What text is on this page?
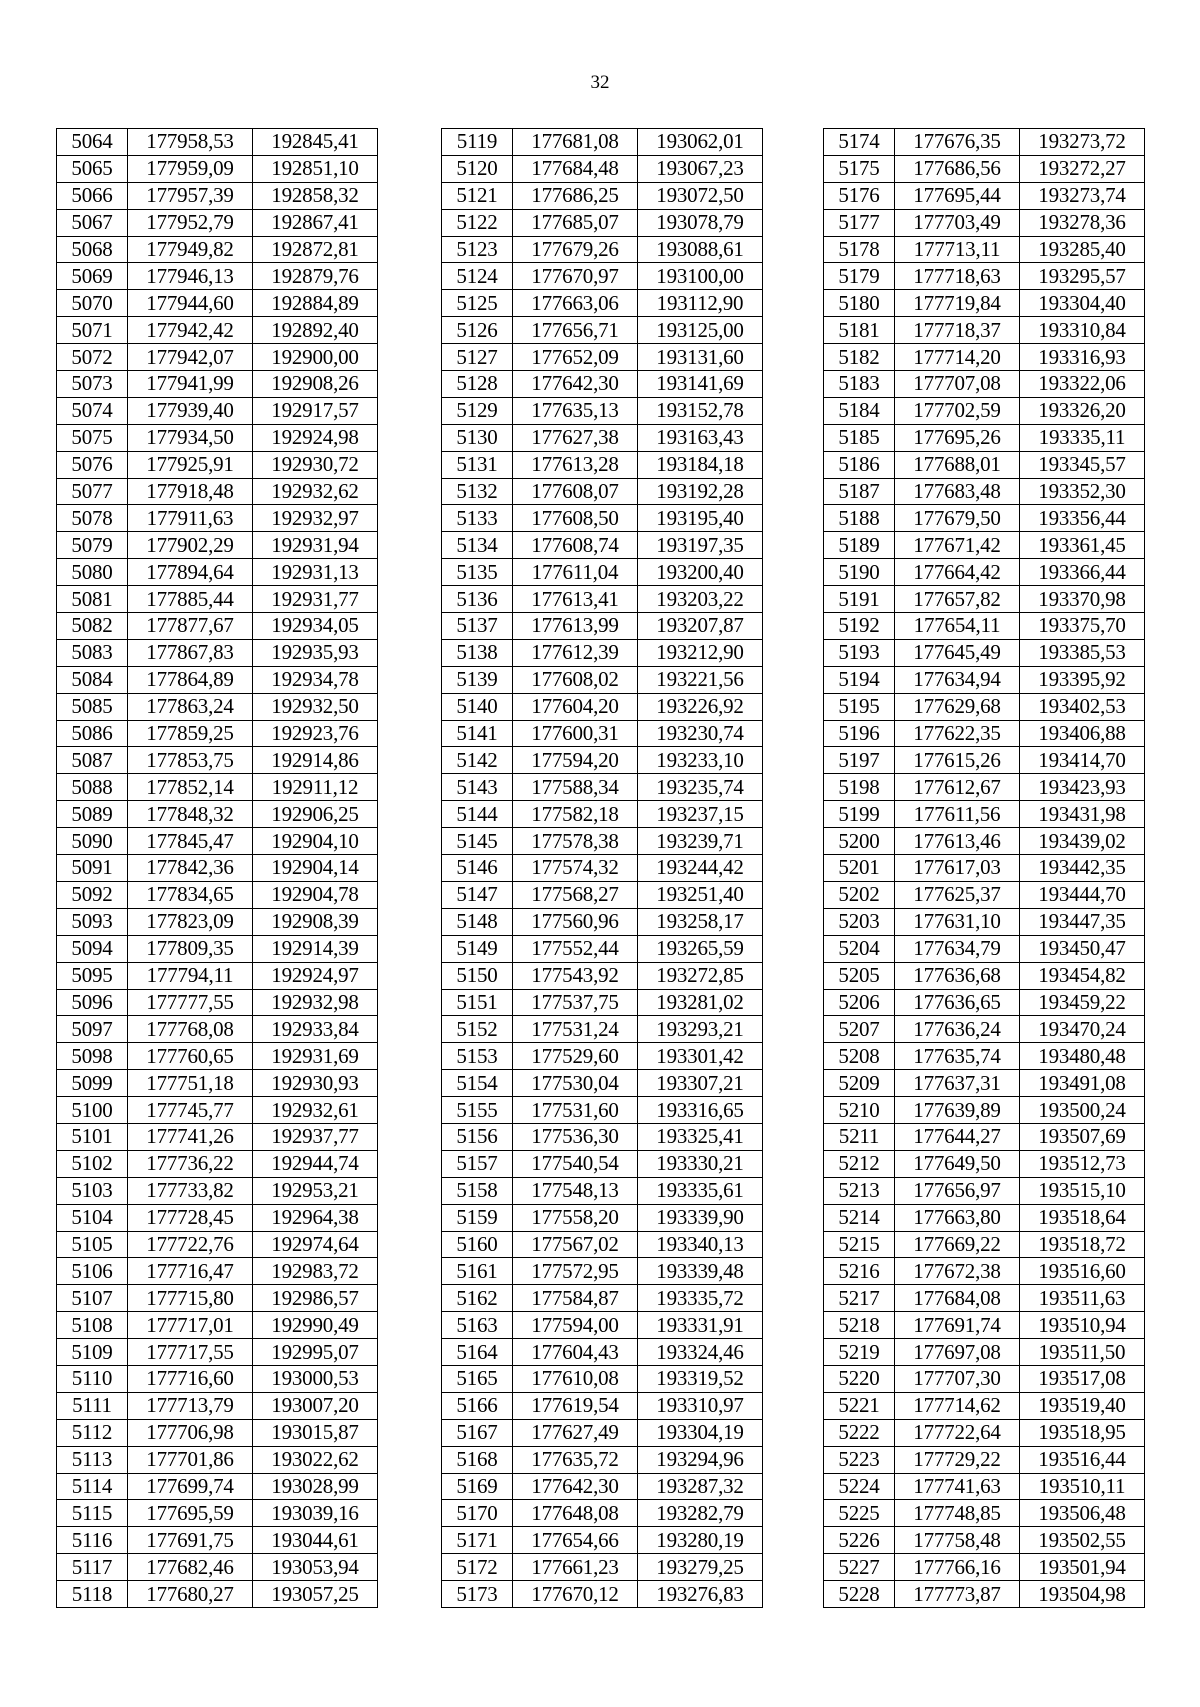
32
5064	177958,53	192845,41
5065	177959,09	192851,10
5066	177957,39	192858,32
5067	177952,79	192867,41
5068	177949,82	192872,81
5069	177946,13	192879,76
5070	177944,60	192884,89
5071	177942,42	192892,40
5072	177942,07	192900,00
5073	177941,99	192908,26
5074	177939,40	192917,57
5075	177934,50	192924,98
5076	177925,91	192930,72
5077	177918,48	192932,62
5078	177911,63	192932,97
5079	177902,29	192931,94
5080	177894,64	192931,13
5081	177885,44	192931,77
5082	177877,67	192934,05
5083	177867,83	192935,93
5084	177864,89	192934,78
5085	177863,24	192932,50
5086	177859,25	192923,76
5087	177853,75	192914,86
5088	177852,14	192911,12
5089	177848,32	192906,25
5090	177845,47	192904,10
5091	177842,36	192904,14
5092	177834,65	192904,78
5093	177823,09	192908,39
5094	177809,35	192914,39
5095	177794,11	192924,97
5096	177777,55	192932,98
5097	177768,08	192933,84
5098	177760,65	192931,69
5099	177751,18	192930,93
5100	177745,77	192932,61
5101	177741,26	192937,77
5102	177736,22	192944,74
5103	177733,82	192953,21
5104	177728,45	192964,38
5105	177722,76	192974,64
5106	177716,47	192983,72
5107	177715,80	192986,57
5108	177717,01	192990,49
5109	177717,55	192995,07
5110	177716,60	193000,53
5111	177713,79	193007,20
5112	177706,98	193015,87
5113	177701,86	193022,62
5114	177699,74	193028,99
5115	177695,59	193039,16
5116	177691,75	193044,61
5117	177682,46	193053,94
5118	177680,27	193057,25
5119	177681,08	193062,01
5120	177684,48	193067,23
5121	177686,25	193072,50
5122	177685,07	193078,79
5123	177679,26	193088,61
5124	177670,97	193100,00
5125	177663,06	193112,90
5126	177656,71	193125,00
5127	177652,09	193131,60
5128	177642,30	193141,69
5129	177635,13	193152,78
5130	177627,38	193163,43
5131	177613,28	193184,18
5132	177608,07	193192,28
5133	177608,50	193195,40
5134	177608,74	193197,35
5135	177611,04	193200,40
5136	177613,41	193203,22
5137	177613,99	193207,87
5138	177612,39	193212,90
5139	177608,02	193221,56
5140	177604,20	193226,92
5141	177600,31	193230,74
5142	177594,20	193233,10
5143	177588,34	193235,74
5144	177582,18	193237,15
5145	177578,38	193239,71
5146	177574,32	193244,42
5147	177568,27	193251,40
5148	177560,96	193258,17
5149	177552,44	193265,59
5150	177543,92	193272,85
5151	177537,75	193281,02
5152	177531,24	193293,21
5153	177529,60	193301,42
5154	177530,04	193307,21
5155	177531,60	193316,65
5156	177536,30	193325,41
5157	177540,54	193330,21
5158	177548,13	193335,61
5159	177558,20	193339,90
5160	177567,02	193340,13
5161	177572,95	193339,48
5162	177584,87	193335,72
5163	177594,00	193331,91
5164	177604,43	193324,46
5165	177610,08	193319,52
5166	177619,54	193310,97
5167	177627,49	193304,19
5168	177635,72	193294,96
5169	177642,30	193287,32
5170	177648,08	193282,79
5171	177654,66	193280,19
5172	177661,23	193279,25
5173	177670,12	193276,83
5174	177676,35	193273,72
5175	177686,56	193272,27
5176	177695,44	193273,74
5177	177703,49	193278,36
5178	177713,11	193285,40
5179	177718,63	193295,57
5180	177719,84	193304,40
5181	177718,37	193310,84
5182	177714,20	193316,93
5183	177707,08	193322,06
5184	177702,59	193326,20
5185	177695,26	193335,11
5186	177688,01	193345,57
5187	177683,48	193352,30
5188	177679,50	193356,44
5189	177671,42	193361,45
5190	177664,42	193366,44
5191	177657,82	193370,98
5192	177654,11	193375,70
5193	177645,49	193385,53
5194	177634,94	193395,92
5195	177629,68	193402,53
5196	177622,35	193406,88
5197	177615,26	193414,70
5198	177612,67	193423,93
5199	177611,56	193431,98
5200	177613,46	193439,02
5201	177617,03	193442,35
5202	177625,37	193444,70
5203	177631,10	193447,35
5204	177634,79	193450,47
5205	177636,68	193454,82
5206	177636,65	193459,22
5207	177636,24	193470,24
5208	177635,74	193480,48
5209	177637,31	193491,08
5210	177639,89	193500,24
5211	177644,27	193507,69
5212	177649,50	193512,73
5213	177656,97	193515,10
5214	177663,80	193518,64
5215	177669,22	193518,72
5216	177672,38	193516,60
5217	177684,08	193511,63
5218	177691,74	193510,94
5219	177697,08	193511,50
5220	177707,30	193517,08
5221	177714,62	193519,40
5222	177722,64	193518,95
5223	177729,22	193516,44
5224	177741,63	193510,11
5225	177748,85	193506,48
5226	177758,48	193502,55
5227	177766,16	193501,94
5228	177773,87	193504,98
